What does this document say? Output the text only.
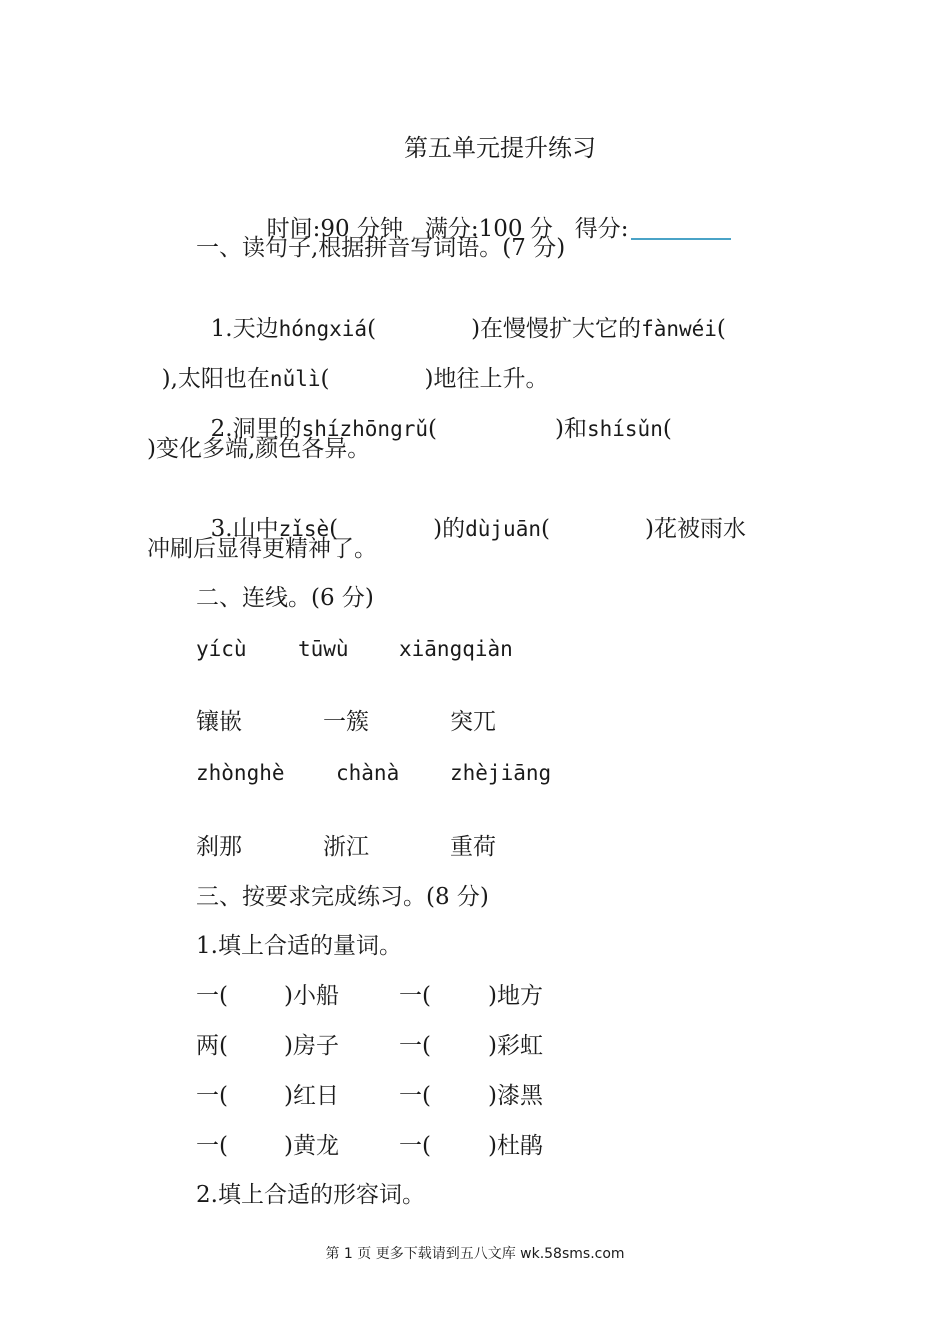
第五单元提升练习

时间:90 分钟 满分:100 分 得分:

一、读句子,根据拼音写词语。(7 分)

1.天边hóngxiá(	)在慢慢扩大它的fànwéi(

),太阳也在nǔlì(	)地往上升。

2.洞里的shízhōngrǔ(	)和shísǔn(

)变化多端,颜色各异。

3.山中zǐsè(	)的dùjuān(	)花被雨水

冲刷后显得更精神了。
二、连线。(6 分)
yícù tūwù xiāngqiàn
镶嵌	一簇	突兀
zhònghè chànà zhèjiāng
刹那	浙江	重荷
三、按要求完成练习。(8 分)
1.填上合适的量词。
一( )小船	一( )地方
两( )房子	一( )彩虹
一( )红日	一( )漆黑
一( )黄龙	一( )杜鹃
2.填上合适的形容词。
第 1 页 更多下载请到五八文库 wk.58sms.com
